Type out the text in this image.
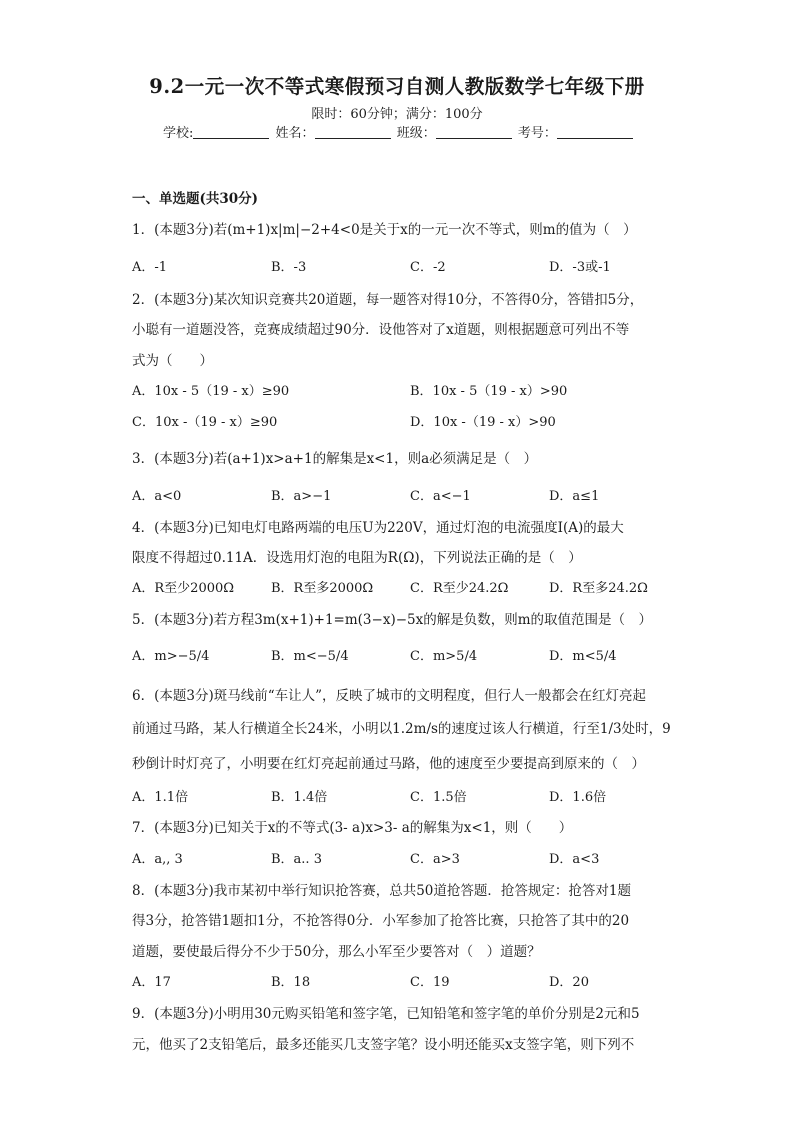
9.2一元一次不等式寒假预习自测人教版数学七年级下册
限时：60分钟；满分：100分
学校:	姓名：	班级：	考号：
一、单选题(共30分)
1．(本题3分)若(m+1)x|m|−2+4<0是关于x的一元一次不等式，则m的值为（　）
A．-1	B．-3	C．-2	D．-3或-1
2．(本题3分)某次知识竞赛共20道题，每一题答对得10分，不答得0分，答错扣5分，
小聪有一道题没答，竞赛成绩超过90分．设他答对了x道题，则根据题意可列出不等
式为（　　）
A．10x - 5（19 - x）≥90	B．10x - 5（19 - x）>90
C．10x -（19 - x）≥90	D．10x -（19 - x）>90
3．(本题3分)若(a+1)x>a+1的解集是x<1，则a必须满足是（　）
A．a<0	B．a>−1	C．a<−1	D．a≤1
4．(本题3分)已知电灯电路两端的电压U为220V，通过灯泡的电流强度I(A)的最大
限度不得超过0.11A．设选用灯泡的电阻为R(Ω)，下列说法正确的是（　）
A．R至少2000Ω	B．R至多2000Ω	C．R至少24.2Ω	D．R至多24.2Ω
5．(本题3分)若方程3m(x+1)+1=m(3−x)−5x的解是负数，则m的取值范围是（　）
A．m>−5/4	B．m<−5/4	C．m>5/4	D．m<5/4
6．(本题3分)斑马线前“车让人”，反映了城市的文明程度，但行人一般都会在红灯亮起
前通过马路，某人行横道全长24米，小明以1.2m/s的速度过该人行横道，行至1/3处时，9
秒倒计时灯亮了，小明要在红灯亮起前通过马路，他的速度至少要提高到原来的（　）
A．1.1倍	B．1.4倍	C．1.5倍	D．1.6倍
7．(本题3分)已知关于x的不等式(3- a)x>3- a的解集为x<1，则（　　）
A．a,, 3	B．a.. 3	C．a>3	D．a<3
8．(本题3分)我市某初中举行知识抢答赛，总共50道抢答题．抢答规定：抢答对1题
得3分，抢答错1题扣1分，不抢答得0分．小军参加了抢答比赛，只抢答了其中的20
道题，要使最后得分不少于50分，那么小军至少要答对（　）道题？
A．17	B．18	C．19	D．20
9．(本题3分)小明用30元购买铅笔和签字笔，已知铅笔和签字笔的单价分别是2元和5
元，他买了2支铅笔后，最多还能买几支签字笔？设小明还能买x支签字笔，则下列不
